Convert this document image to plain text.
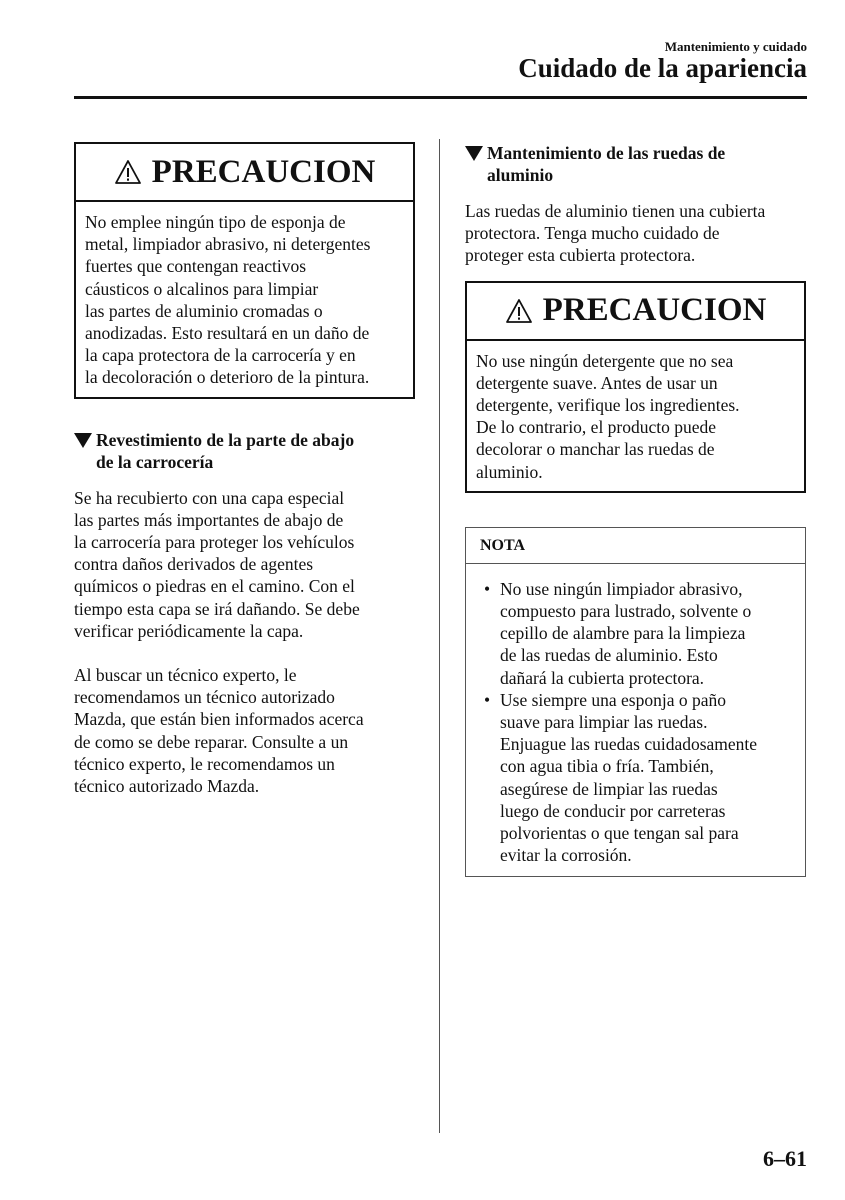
Mantenimiento y cuidado
Cuidado de la apariencia
PRECAUCION
No emplee ningún tipo de esponja de
metal, limpiador abrasivo, ni detergentes
fuertes que contengan reactivos
cáusticos o alcalinos para limpiar
las partes de aluminio cromadas o
anodizadas. Esto resultará en un daño de
la capa protectora de la carrocería y en
la decoloración o deterioro de la pintura.
Revestimiento de la parte de abajo
de la carrocería
Se ha recubierto con una capa especial
las partes más importantes de abajo de
la carrocería para proteger los vehículos
contra daños derivados de agentes
químicos o piedras en el camino. Con el
tiempo esta capa se irá dañando. Se debe
verificar periódicamente la capa.
Al buscar un técnico experto, le
recomendamos un técnico autorizado
Mazda, que están bien informados acerca
de como se debe reparar. Consulte a un
técnico experto, le recomendamos un
técnico autorizado Mazda.
Mantenimiento de las ruedas de
aluminio
Las ruedas de aluminio tienen una cubierta
protectora. Tenga mucho cuidado de
proteger esta cubierta protectora.
PRECAUCION
No use ningún detergente que no sea
detergente suave. Antes de usar un
detergente, verifique los ingredientes.
De lo contrario, el producto puede
decolorar o manchar las ruedas de
aluminio.
NOTA
• No use ningún limpiador abrasivo,
compuesto para lustrado, solvente o
cepillo de alambre para la limpieza
de las ruedas de aluminio. Esto
dañará la cubierta protectora.
• Use siempre una esponja o paño
suave para limpiar las ruedas.
Enjuague las ruedas cuidadosamente
con agua tibia o fría. También,
asegúrese de limpiar las ruedas
luego de conducir por carreteras
polvorientas o que tengan sal para
evitar la corrosión.
6–61
